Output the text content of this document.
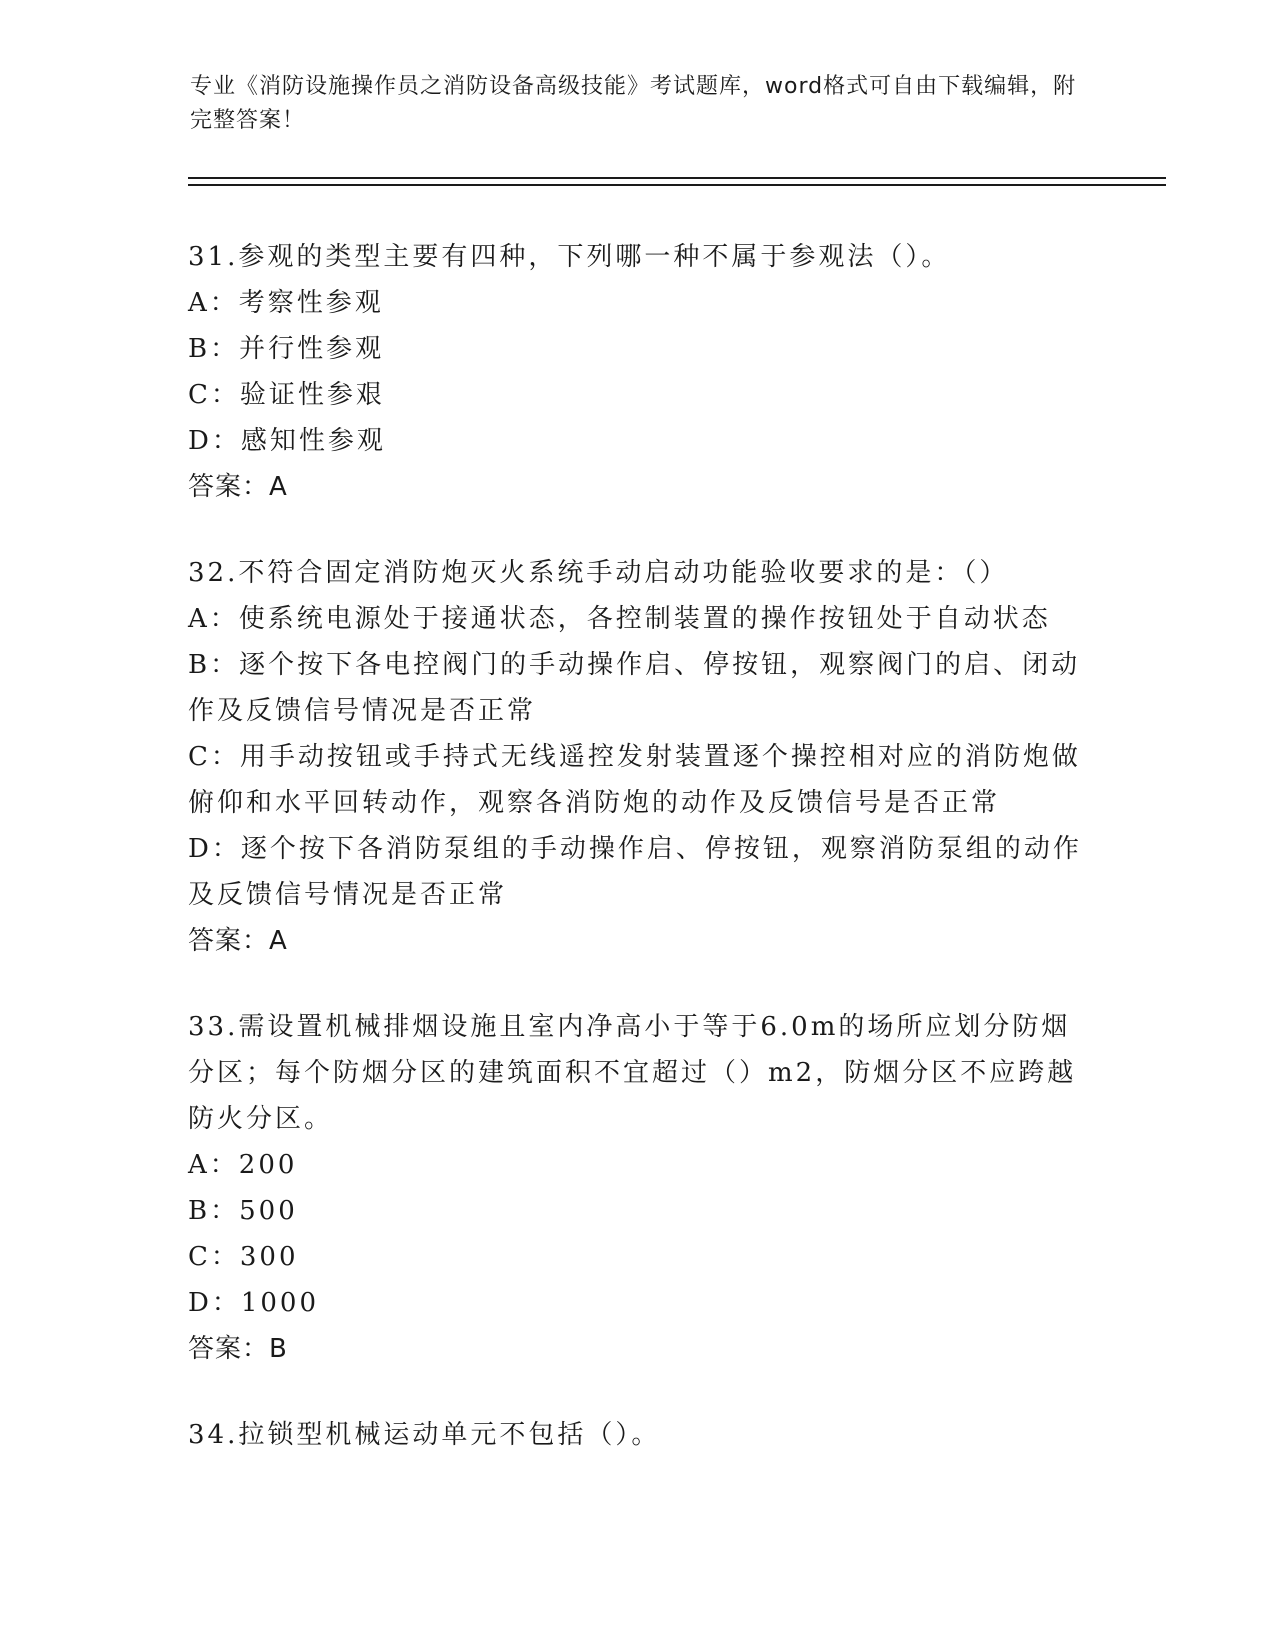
专业《消防设施操作员之消防设备高级技能》考试题库，word格式可自由下载编辑，附完整答案！
31.参观的类型主要有四种，下列哪一种不属于参观法（）。
A：考察性参观
B：并行性参观
C：验证性参艰
D：感知性参观
答案：A
32.不符合固定消防炮灭火系统手动启动功能验收要求的是：（）
A：使系统电源处于接通状态，各控制装置的操作按钮处于自动状态
B：逐个按下各电控阀门的手动操作启、停按钮，观察阀门的启、闭动作及反馈信号情况是否正常
C：用手动按钮或手持式无线遥控发射装置逐个操控相对应的消防炮做俯仰和水平回转动作，观察各消防炮的动作及反馈信号是否正常
D：逐个按下各消防泵组的手动操作启、停按钮，观察消防泵组的动作及反馈信号情况是否正常
答案：A
33.需设置机械排烟设施且室内净高小于等于6.0m的场所应划分防烟分区；每个防烟分区的建筑面积不宜超过（）m2，防烟分区不应跨越防火分区。
A：200
B：500
C：300
D：1000
答案：B
34.拉锁型机械运动单元不包括（）。
